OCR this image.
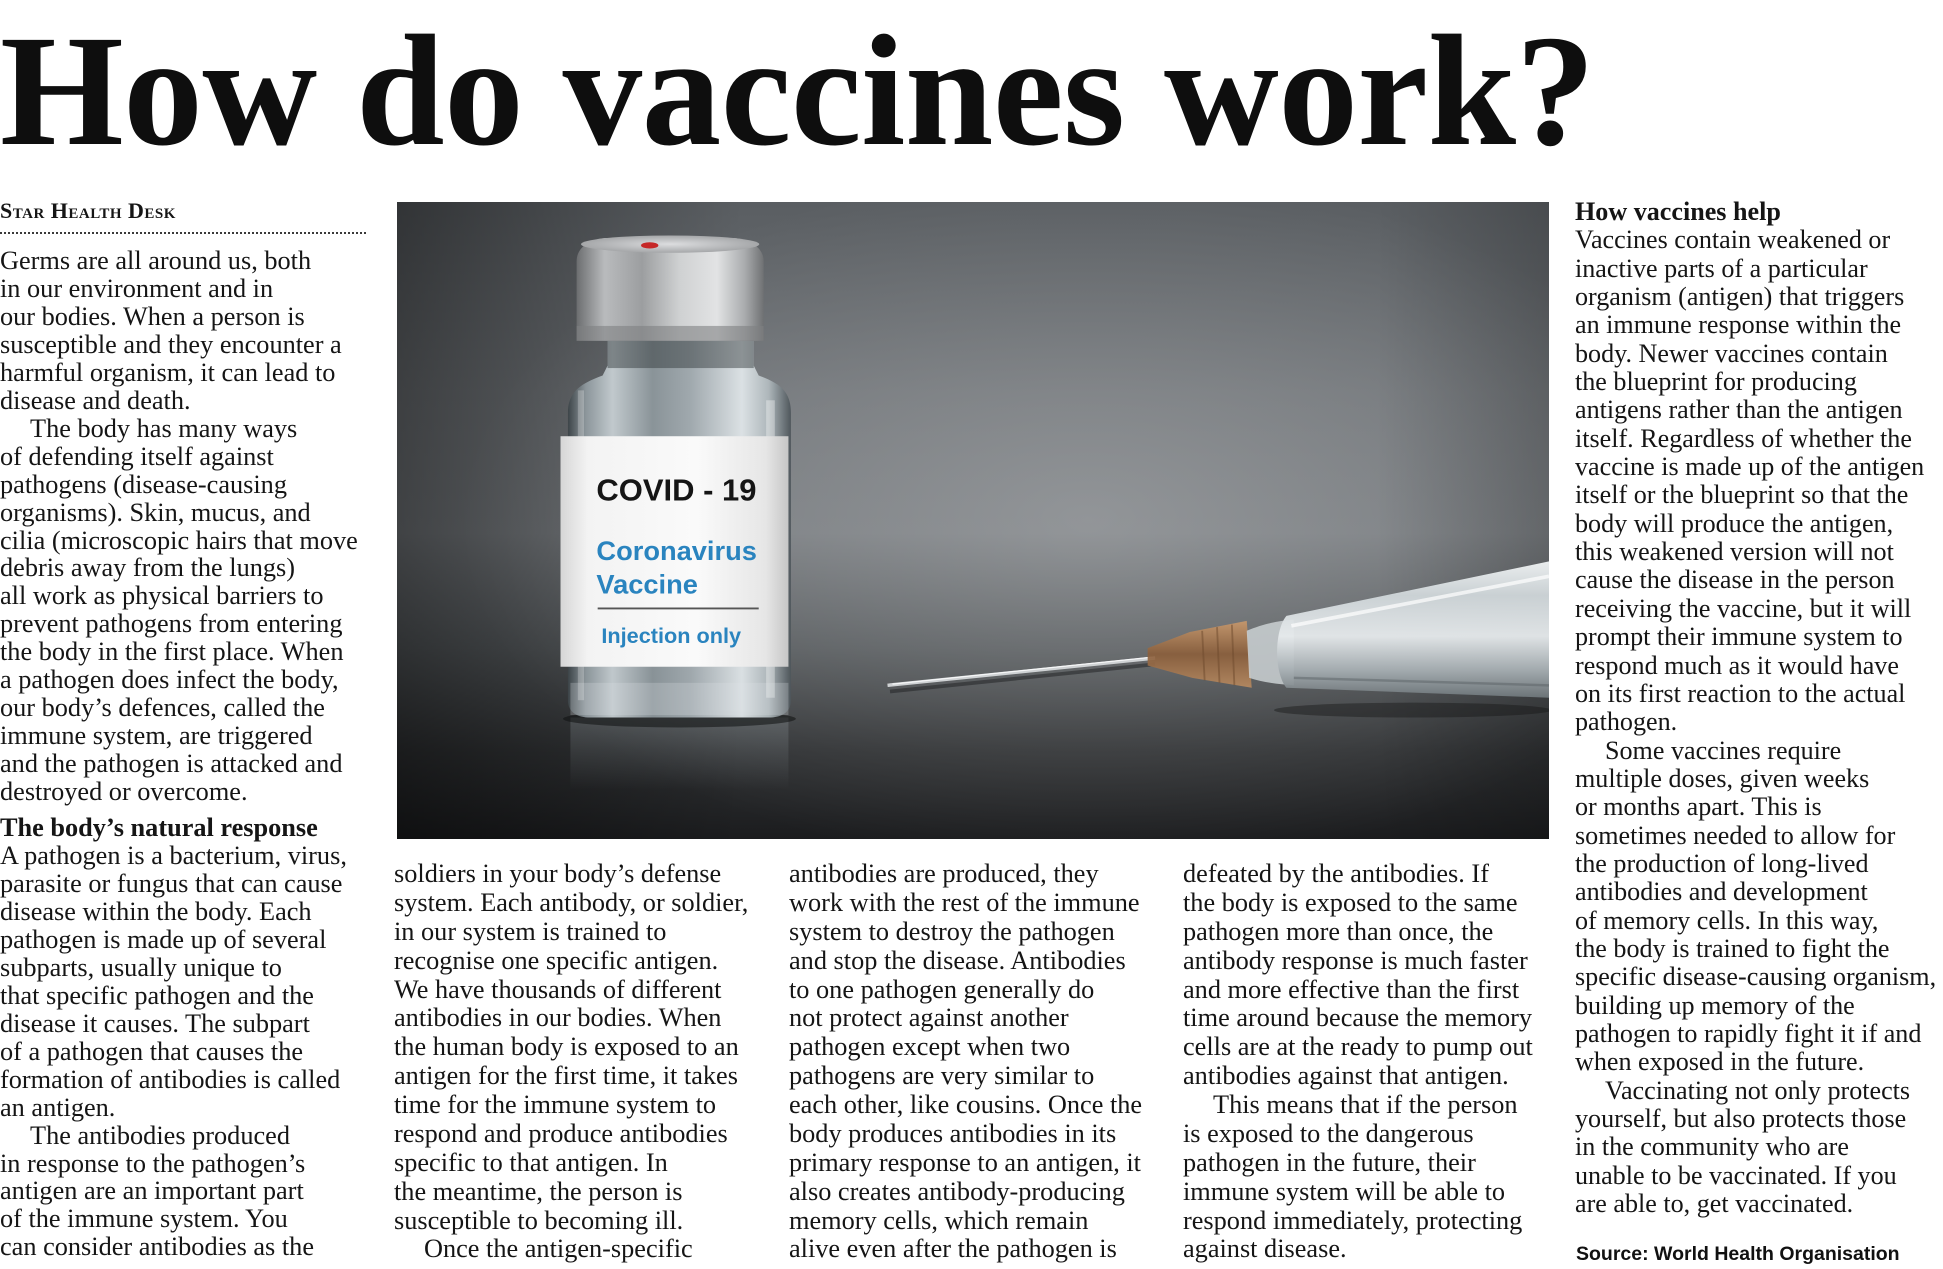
How do vaccines work?
Star Health Desk

Germs are all around us, both
in our environment and in
our bodies. When a person is
susceptible and they encounter a
harmful organism, it can lead to
disease and death.

The body has many ways
of defending itself against
pathogens (disease-causing
organisms). Skin, mucus, and
cilia (microscopic hairs that move
debris away from the lungs)
all work as physical barriers to
prevent pathogens from entering
the body in the first place. When
a pathogen does infect the body,
our body’s defences, called the
immune system, are triggered
and the pathogen is attacked and
destroyed or overcome.

The body’s natural response

A pathogen is a bacterium, virus,
parasite or fungus that can cause
disease within the body. Each
pathogen is made up of several
subparts, usually unique to
that specific pathogen and the
disease it causes. The subpart
of a pathogen that causes the
formation of antibodies is called
an antigen.

The antibodies produced
in response to the pathogen’s
antigen are an important part
of the immune system. You
can consider antibodies as the

COVID - 19
Coronavirus
Vaccine
Injection only

soldiers in your body’s defense
system. Each antibody, or soldier,
in our system is trained to
recognise one specific antigen.
We have thousands of different
antibodies in our bodies. When
the human body is exposed to an
antigen for the first time, it takes
time for the immune system to
respond and produce antibodies
specific to that antigen. In
the meantime, the person is
susceptible to becoming ill.

Once the antigen-specific

antibodies are produced, they
work with the rest of the immune
system to destroy the pathogen
and stop the disease. Antibodies
to one pathogen generally do
not protect against another
pathogen except when two
pathogens are very similar to
each other, like cousins. Once the
body produces antibodies in its
primary response to an antigen, it
also creates antibody-producing
memory cells, which remain
alive even after the pathogen is

defeated by the antibodies. If
the body is exposed to the same
pathogen more than once, the
antibody response is much faster
and more effective than the first
time around because the memory
cells are at the ready to pump out
antibodies against that antigen.

This means that if the person
is exposed to the dangerous
pathogen in the future, their
immune system will be able to
respond immediately, protecting
against disease.

How vaccines help

Vaccines contain weakened or
inactive parts of a particular
organism (antigen) that triggers
an immune response within the
body. Newer vaccines contain
the blueprint for producing
antigens rather than the antigen
itself. Regardless of whether the
vaccine is made up of the antigen
itself or the blueprint so that the
body will produce the antigen,
this weakened version will not
cause the disease in the person
receiving the vaccine, but it will
prompt their immune system to
respond much as it would have
on its first reaction to the actual
pathogen.

Some vaccines require
multiple doses, given weeks
or months apart. This is
sometimes needed to allow for
the production of long-lived
antibodies and development
of memory cells. In this way,
the body is trained to fight the
specific disease-causing organism,
building up memory of the
pathogen to rapidly fight it if and
when exposed in the future.

Vaccinating not only protects
yourself, but also protects those
in the community who are
unable to be vaccinated. If you
are able to, get vaccinated.

Source: World Health Organisation
